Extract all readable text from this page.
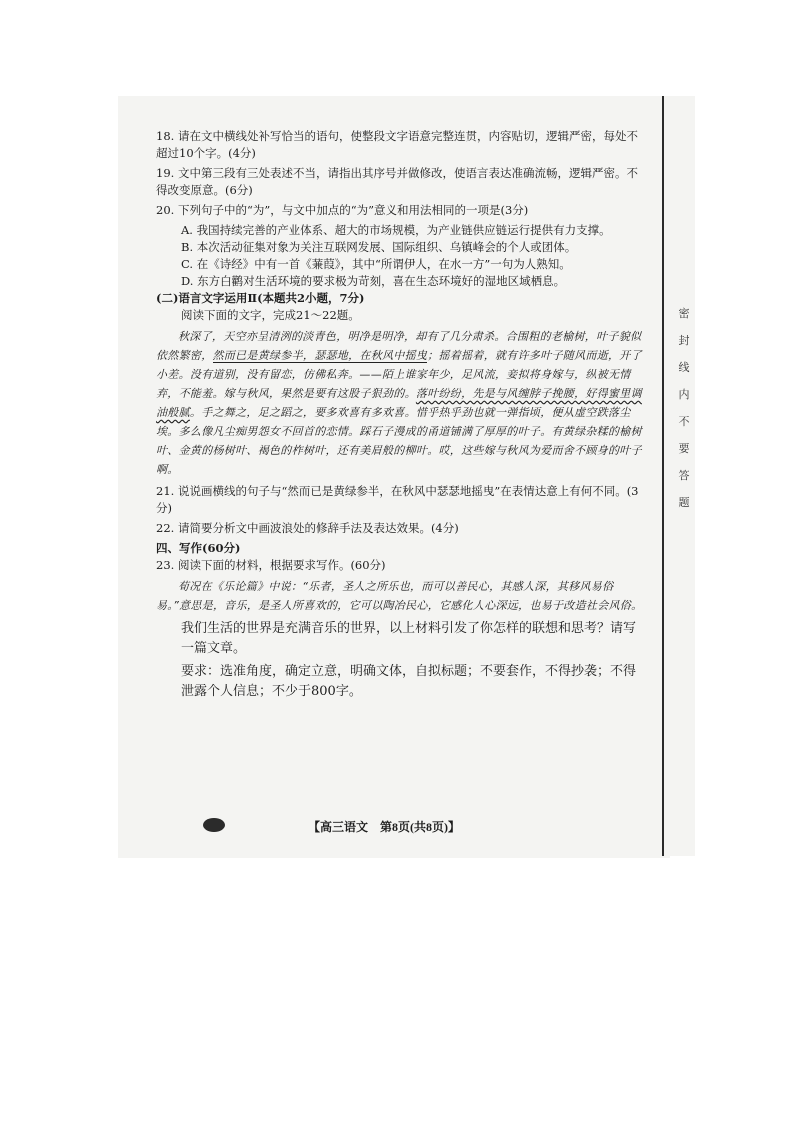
密
封
线
内
不
要
答
题

18. 请在文中横线处补写恰当的语句，使整段文字语意完整连贯，内容贴切，逻辑严密，每处不超过10个字。(4分)

19. 文中第三段有三处表述不当，请指出其序号并做修改，使语言表达准确流畅，逻辑严密。不得改变原意。(6分)

20. 下列句子中的“为”，与文中加点的“为”意义和用法相同的一项是(3分)

A. 我国持续完善的产业体系、超大的市场规模，为产业链供应链运行提供有力支撑。
B. 本次活动征集对象为关注互联网发展、国际组织、乌镇峰会的个人或团体。
C. 在《诗经》中有一首《蒹葭》，其中“所谓伊人，在水一方”一句为人熟知。
D. 东方白鹳对生活环境的要求极为苛刻，喜在生态环境好的湿地区域栖息。

(二)语言文字运用Ⅱ(本题共2小题，7分)

阅读下面的文字，完成21～22题。

秋深了，天空亦呈清洌的淡青色，明净是明净，却有了几分肃杀。合围粗的老榆树，叶子貌似依然繁密，然而已是黄绿参半，瑟瑟地，在秋风中摇曳；摇着摇着，就有许多叶子随风而逝，开了小差。没有道别，没有留恋，仿佛私奔。——陌上谁家年少，足风流，妾拟将身嫁与，纵被无情弃，不能羞。嫁与秋风，果然是要有这股子狠劲的。落叶纷纷，先是与风缠脖子挽腰，好得蜜里调油般腻。手之舞之，足之蹈之，要多欢喜有多欢喜。惜乎热乎劲也就一弹指顷，便从虚空跌落尘埃。多么像凡尘痴男怨女不回首的恋情。踩石子漫成的甬道铺满了厚厚的叶子。有黄绿杂糅的榆树叶、金黄的杨树叶、褐色的柞树叶，还有美眉般的柳叶。哎，这些嫁与秋风为爱而舍不顾身的叶子啊。

21. 说说画横线的句子与“然而已是黄绿参半，在秋风中瑟瑟地摇曳”在表情达意上有何不同。(3分)

22. 请简要分析文中画波浪处的修辞手法及表达效果。(4分)

四、写作(60分)

23. 阅读下面的材料，根据要求写作。(60分)

荀况在《乐论篇》中说：“乐者，圣人之所乐也，而可以善民心，其感人深，其移风易俗易。”意思是，音乐，是圣人所喜欢的，它可以陶冶民心，它感化人心深远，也易于改造社会风俗。

我们生活的世界是充满音乐的世界，以上材料引发了你怎样的联想和思考？请写一篇文章。

要求：选准角度，确定立意，明确文体，自拟标题；不要套作，不得抄袭；不得泄露个人信息；不少于800字。

【高三语文　第8页(共8页)】
